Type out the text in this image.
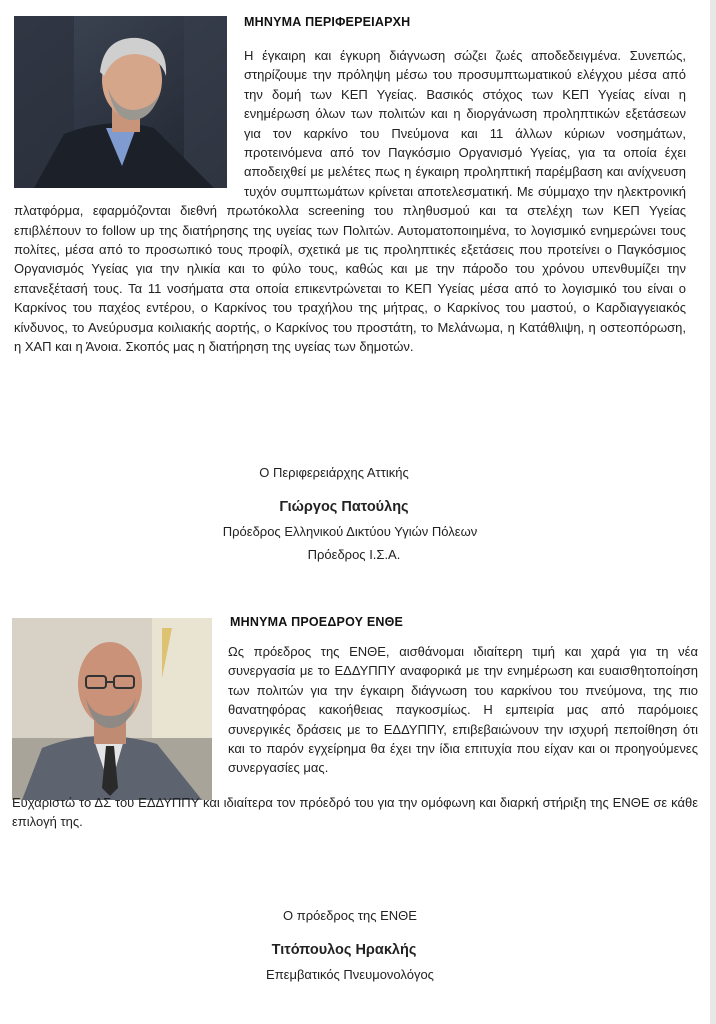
ΜΗΝΥΜΑ ΠΕΡΙΦΕΡΕΙΑΡΧΗ
Η έγκαιρη και έγκυρη διάγνωση σώζει ζωές αποδεδειγμένα. Συνεπώς, στηρίζουμε την πρόληψη μέσω του προσυμπτωματικού ελέγχου μέσα από την δομή των ΚΕΠ Υγείας. Βασικός στόχος των ΚΕΠ Υγείας είναι η ενημέρωση όλων των πολιτών και η διοργάνωση προληπτικών εξετάσεων για τον καρκίνο του Πνεύμονα και 11 άλλων κύριων νοσημάτων, προτεινόμενα από τον Παγκόσμιο Οργανισμό Υγείας, για τα οποία έχει αποδειχθεί με μελέτες πως η έγκαιρη προληπτική παρέμβαση και ανίχνευση τυχόν συμπτωμάτων κρίνεται αποτελεσματική. Με σύμμαχο την ηλεκτρονική πλατφόρμα, εφαρμόζονται διεθνή πρωτόκολλα screening του πληθυσμού και τα στελέχη των ΚΕΠ Υγείας επιβλέπουν το follow up της διατήρησης της υγείας των Πολιτών. Αυτοματοποιημένα, το λογισμικό ενημερώνει τους πολίτες, μέσα από το προσωπικό τους προφίλ, σχετικά με τις προληπτικές εξετάσεις που προτείνει ο Παγκόσμιος Οργανισμός Υγείας για την ηλικία και το φύλο τους, καθώς και με την πάροδο του χρόνου υπενθυμίζει την επανεξέτασή τους. Τα 11 νοσήματα στα οποία επικεντρώνεται το ΚΕΠ Υγείας μέσα από το λογισμικό του είναι ο Καρκίνος του παχέος εντέρου, ο Καρκίνος του τραχήλου της μήτρας, ο Καρκίνος του μαστού, ο Καρδιαγγειακός κίνδυνος, το Ανεύρυσμα κοιλιακής αορτής, ο Καρκίνος του προστάτη, το Μελάνωμα, η Κατάθλιψη, η οστεοπόρωση, η ΧΑΠ και η Άνοια. Σκοπός μας η διατήρηση της υγείας των δημοτών.
Ο Περιφερειάρχης Αττικής
Γιώργος Πατούλης
Πρόεδρος Ελληνικού Δικτύου Υγιών Πόλεων
Πρόεδρος Ι.Σ.Α.
ΜΗΝΥΜΑ ΠΡΟΕΔΡΟΥ ΕΝΘΕ
Ως πρόεδρος της ΕΝΘΕ, αισθάνομαι ιδιαίτερη τιμή και χαρά για τη νέα συνεργασία με το ΕΔΔΥΠΠΥ αναφορικά με την ενημέρωση και ευαισθητοποίηση των πολιτών για την έγκαιρη διάγνωση του καρκίνου του πνεύμονα, της πιο θανατηφόρας κακοήθειας παγκοσμίως. Η εμπειρία μας από παρόμοιες συνεργικές δράσεις με το ΕΔΔΥΠΠΥ, επιβεβαιώνουν την ισχυρή πεποίθηση ότι και το παρόν εγχείρημα θα έχει την ίδια επιτυχία που είχαν και οι προηγούμενες συνεργασίες μας.
Ευχαριστώ το ΔΣ του ΕΔΔΥΠΠΥ και ιδιαίτερα τον πρόεδρό του για την ομόφωνη και διαρκή στήριξη της ΕΝΘΕ σε κάθε επιλογή της.
Ο πρόεδρος της ΕΝΘΕ
Τιτόπουλος Ηρακλής
Επεμβατικός Πνευμονολόγος
